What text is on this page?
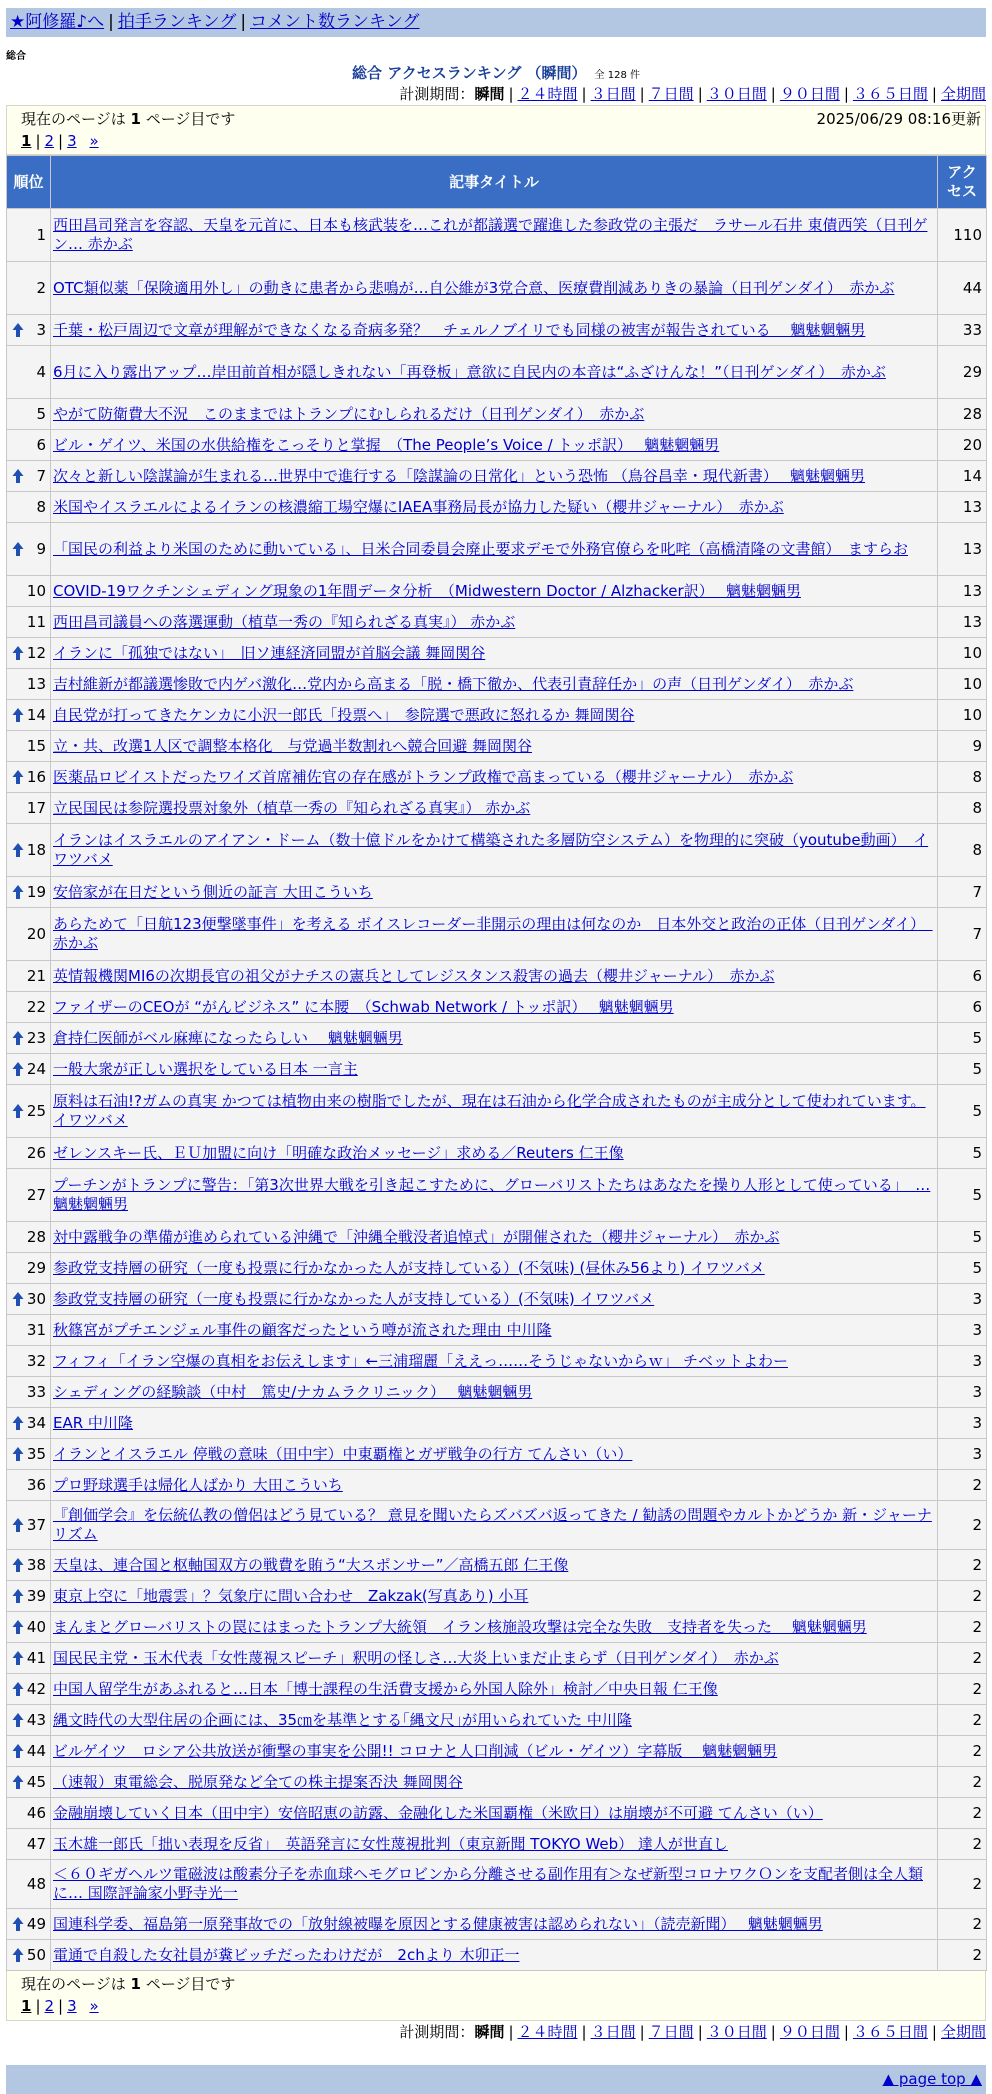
★阿修羅♪へ | 拍手ランキング | コメント数ランキング
総合
総合 アクセスランキング （瞬間） 全 128 件
計測期間：瞬間 | ２４時間 | ３日間 | ７日間 | ３０日間 | ９０日間 | ３６５日間 | 全期間
現在のページは 1 ページ目です	2025/06/29 08:16更新
1 | 2 | 3 »
順位	記事タイトル	アクセス
1	西田昌司発言を容認、天皇を元首に、日本も核武装を…これが都議選で躍進した参政党の主張だ　ラサール石井 東債西笑（日刊ゲン… 赤かぶ	110
2	OTC類似薬「保険適用外し」の動きに患者から悲鳴が…自公維が3党合意、医療費削減ありきの暴論（日刊ゲンダイ）　赤かぶ	44

3	千葉・松戸周辺で文章が理解ができなくなる奇病多発？　チェルノブイリでも同様の被害が報告されている　 魑魅魍魎男	33
4	6月に入り露出アップ…岸田前首相が隠しきれない「再登板」意欲に自民内の本音は“ふざけんな！”（日刊ゲンダイ）　赤かぶ	29
5	やがて防衛費大不況　このままではトランプにむしられるだけ（日刊ゲンダイ）　赤かぶ	28
6	ビル・ゲイツ、米国の水供給権をこっそりと掌握　（The People’s Voice / トッポ訳）　 魑魅魍魎男	20

7	次々と新しい陰謀論が生まれる…世界中で進行する「陰謀論の日常化」という恐怖 （鳥谷昌幸・現代新書）　 魑魅魍魎男	14
8	米国やイスラエルによるイランの核濃縮工場空爆にIAEA事務局長が協力した疑い（櫻井ジャーナル）　赤かぶ	13

9	「国民の利益より米国のために動いている」、日米合同委員会廃止要求デモで外務官僚らを叱咤（高橋清隆の文書館）　ますらお	13
10	COVID-19ワクチンシェディング現象の1年間データ分析　（Midwestern Doctor / Alzhacker訳）　 魑魅魍魎男	13
11	西田昌司議員への落選運動（植草一秀の『知られざる真実』） 赤かぶ	13

12	イランに「孤独ではない」　旧ソ連経済同盟が首脳会議 舞岡関谷	10
13	吉村維新が都議選惨敗で内ゲバ激化…党内から高まる「脱・橋下徹か、代表引責辞任か」の声（日刊ゲンダイ）　赤かぶ	10

14	自民党が打ってきたケンカに小沢一郎氏「投票へ」　参院選で悪政に怒れるか 舞岡関谷	10
15	立・共、改選1人区で調整本格化　与党過半数割れへ競合回避 舞岡関谷	9

16	医薬品ロビイストだったワイズ首席補佐官の存在感がトランプ政権で高まっている（櫻井ジャーナル）　赤かぶ	8
17	立民国民は参院選投票対象外（植草一秀の『知られざる真実』） 赤かぶ	8

18	イランはイスラエルのアイアン・ドーム（数十億ドルをかけて構築された多層防空システム）を物理的に突破（youtube動画）　イワツバメ	8

19	安倍家が在日だという側近の証言 大田こういち	7
20	あらためて「日航123便撃墜事件」を考える ボイスレコーダー非開示の理由は何なのか　日本外交と政治の正体（日刊ゲンダイ）　赤かぶ	7
21	英情報機関MI6の次期長官の祖父がナチスの憲兵としてレジスタンス殺害の過去（櫻井ジャーナル）　赤かぶ	6
22	ファイザーのCEOが “がんビジネス” に本腰　（Schwab Network / トッポ訳）　 魑魅魍魎男	6

23	倉持仁医師がベル麻痺になったらしい　 魑魅魍魎男	5

24	一般大衆が正しい選択をしている日本 一言主	5

25	原料は石油!?ガムの真実 かつては植物由来の樹脂でしたが、現在は石油から化学合成されたものが主成分として使われています。 イワツバメ	5
26	ゼレンスキー氏、ＥＵ加盟に向け「明確な政治メッセージ」求める／Reuters 仁王像	5
27	プーチンがトランプに警告：「第3次世界大戦を引き起こすために、グローバリストたちはあなたを操り人形として使っている」　… 魑魅魍魎男	5
28	対中露戦争の準備が進められている沖縄で「沖縄全戦没者追悼式」が開催された（櫻井ジャーナル）　赤かぶ	5
29	参政党支持層の研究（一度も投票に行かなかった人が支持している）(不気味) (昼休み56より) イワツバメ	5

30	参政党支持層の研究（一度も投票に行かなかった人が支持している）(不気味) イワツバメ	3
31	秋篠宮がプチエンジェル事件の顧客だったという噂が流された理由 中川隆	3
32	フィフィ「イラン空爆の真相をお伝えします」←三浦瑠麗「ええっ……そうじゃないからｗ」 チベットよわー	3
33	シェディングの経験談（中村　篤史/ナカムラクリニック）　 魑魅魍魎男	3

34	EAR 中川隆	3

35	イランとイスラエル 停戦の意味（田中宇）中東覇権とガザ戦争の行方 てんさい（い）	3
36	プロ野球選手は帰化人ばかり 大田こういち	2

37	『創価学会』を伝統仏教の僧侶はどう見ている？ 意見を聞いたらズバズバ返ってきた / 勧誘の問題やカルトかどうか 新・ジャーナリズム	2

38	天皇は、連合国と枢軸国双方の戦費を賄う“大スポンサー”／高橋五郎 仁王像	2

39	東京上空に「地震雲」？気象庁に問い合わせ　Zakzak(写真あり) 小耳	2

40	まんまとグローバリストの罠にはまったトランプ大統領　イラン核施設攻撃は完全な失敗　支持者を失った　 魑魅魍魎男	2

41	国民民主党・玉木代表「女性蔑視スピーチ」釈明の怪しさ…大炎上いまだ止まらず（日刊ゲンダイ）　赤かぶ	2

42	中国人留学生があふれると…日本「博士課程の生活費支援から外国人除外」検討／中央日報 仁王像	2

43	縄文時代の大型住居の企画には、35㎝を基準とする｢縄文尺｣が用いられていた 中川隆	2

44	ビルゲイツ　ロシア公共放送が衝撃の事実を公開!! コロナと人口削減（ビル・ゲイツ）字幕版　 魑魅魍魎男	2

45	（速報）東電総会、脱原発など全ての株主提案否決 舞岡関谷	2
46	金融崩壊していく日本（田中宇）安倍昭恵の訪露、金融化した米国覇権（米欧日）は崩壊が不可避 てんさい（い）	2
47	玉木雄一郎氏「拙い表現を反省」　英語発言に女性蔑視批判（東京新聞 TOKYO Web） 達人が世直し	2
48	＜６０ギガヘルツ電磁波は酸素分子を赤血球ヘモグロビンから分離させる副作用有＞なぜ新型コロナワクＯンを支配者側は全人類に… 国際評論家小野寺光一	2

49	国連科学委、福島第一原発事故での「放射線被曝を原因とする健康被害は認められない」（読売新聞）　 魑魅魍魎男	2

50	電通で自殺した女社員が糞ビッチだったわけだが　2chより 木卯正一	2
現在のページは 1 ページ目です
1 | 2 | 3 »
計測期間：瞬間 | ２４時間 | ３日間 | ７日間 | ３０日間 | ９０日間 | ３６５日間 | 全期間
▲ page top ▲
